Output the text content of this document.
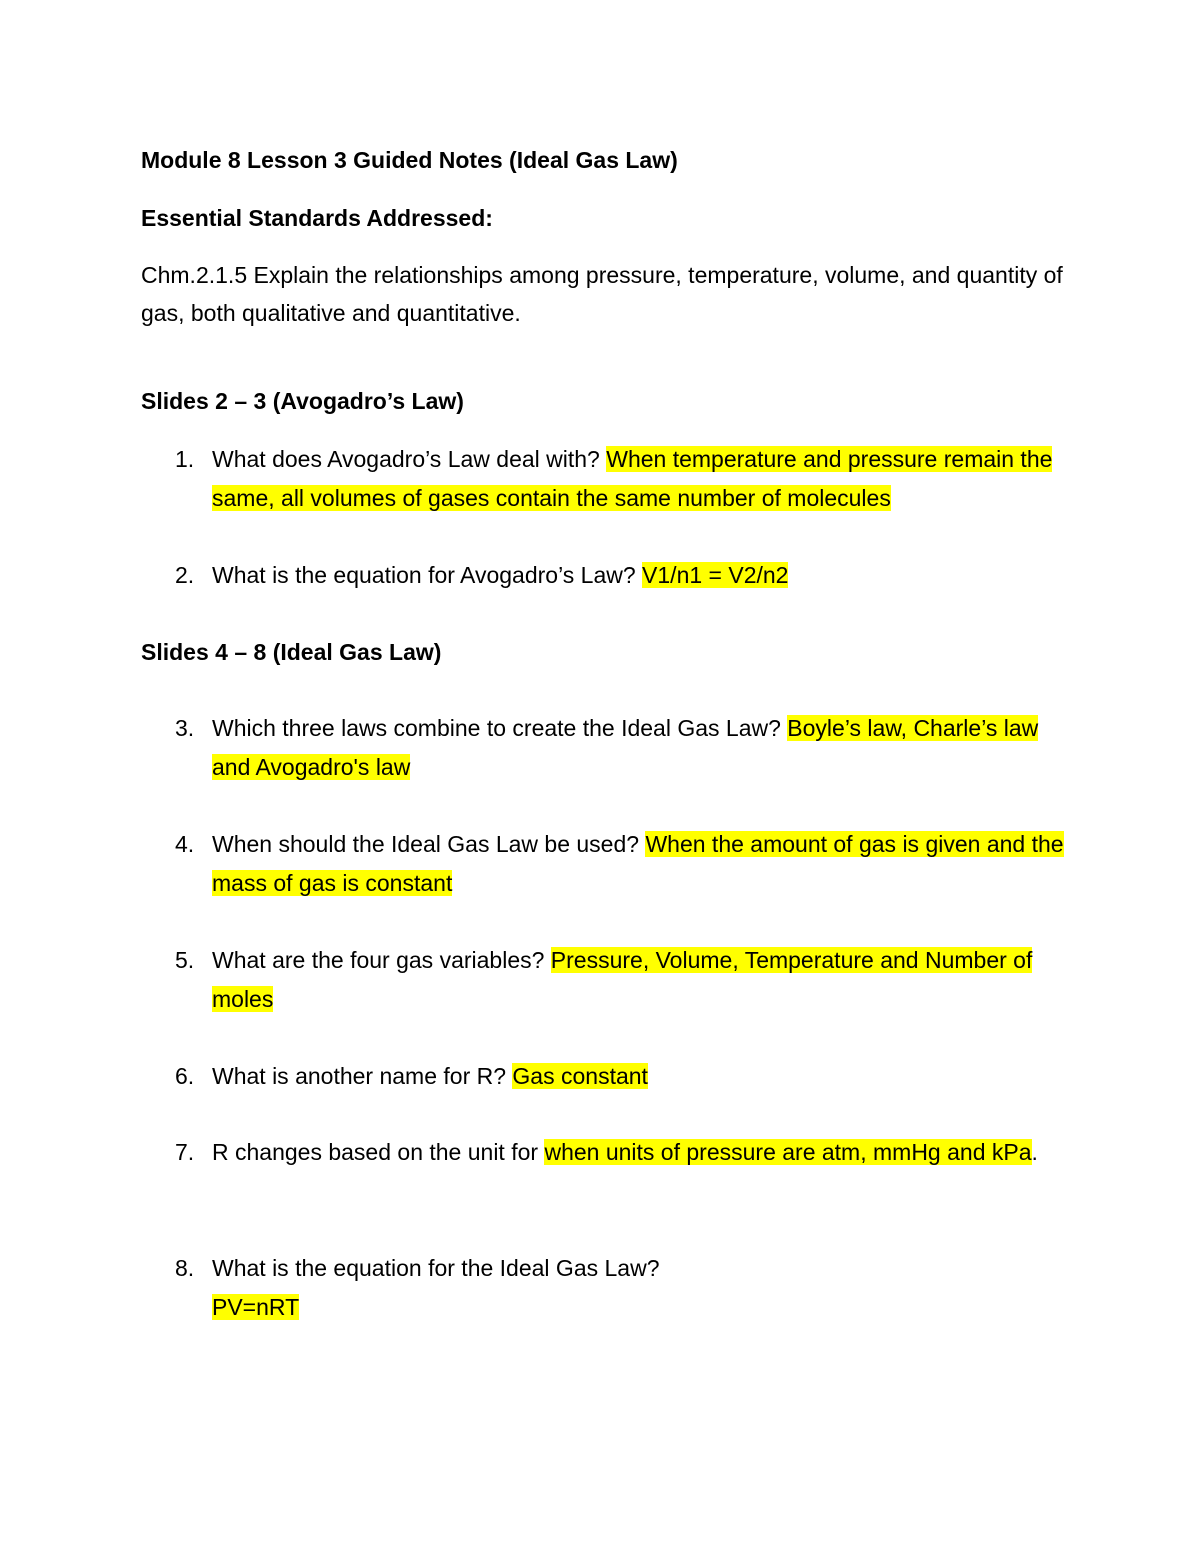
Module 8 Lesson 3 Guided Notes (Ideal Gas Law)
Essential Standards Addressed:
Chm.2.1.5 Explain the relationships among pressure, temperature, volume, and quantity of gas, both qualitative and quantitative.
Slides 2 – 3 (Avogadro’s Law)
1. What does Avogadro’s Law deal with? When temperature and pressure remain the same, all volumes of gases contain the same number of molecules
2. What is the equation for Avogadro’s Law? V1/n1 = V2/n2
Slides 4 – 8 (Ideal Gas Law)
3. Which three laws combine to create the Ideal Gas Law? Boyle’s law, Charle’s law and Avogadro's law
4. When should the Ideal Gas Law be used? When the amount of gas is given and the mass of gas is constant
5. What are the four gas variables? Pressure, Volume, Temperature and Number of moles
6. What is another name for R? Gas constant
7. R changes based on the unit for when units of pressure are atm, mmHg and kPa.
8. What is the equation for the Ideal Gas Law?
PV=nRT
